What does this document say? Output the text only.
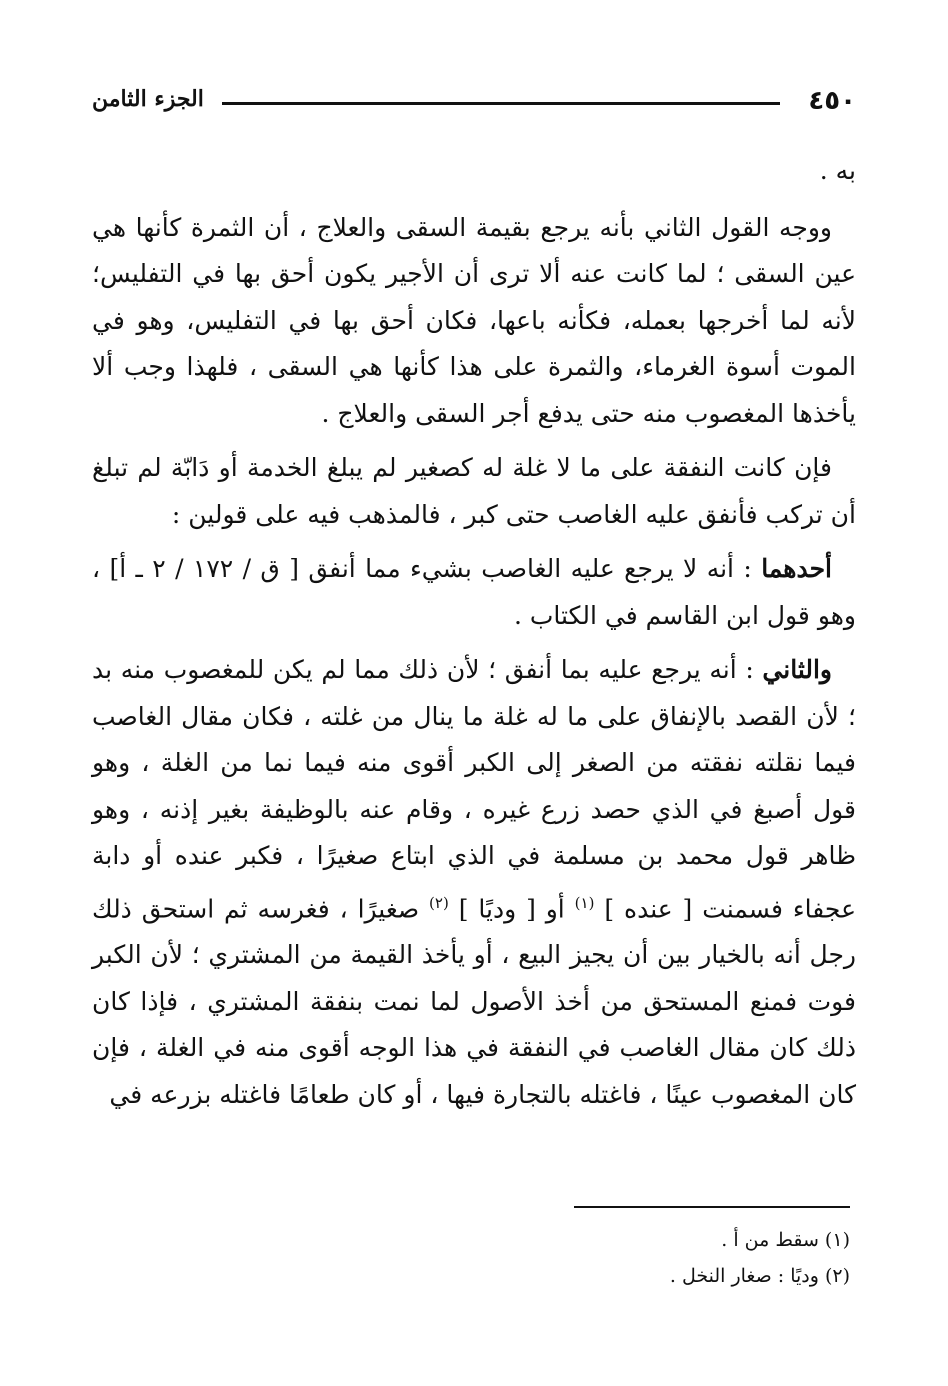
٤٥٠
الجزء الثامن

به .

ووجه القول الثاني بأنه يرجع بقيمة السقى والعلاج ، أن الثمرة كأنها هي عين السقى ؛ لما كانت عنه ألا ترى أن الأجير يكون أحق بها في التفليس؛ لأنه لما أخرجها بعمله، فكأنه باعها، فكان أحق بها في التفليس، وهو في الموت أسوة الغرماء، والثمرة على هذا كأنها هي السقى ، فلهذا وجب ألا يأخذها المغصوب منه حتى يدفع أجر السقى والعلاج .

فإن كانت النفقة على ما لا غلة له كصغير لم يبلغ الخدمة أو دَابّة لم تبلغ أن تركب فأنفق عليه الغاصب حتى كبر ، فالمذهب فيه على قولين :

أحدهما : أنه لا يرجع عليه الغاصب بشيء مما أنفق [ ق / ١٧٢ / ٢ ـ أ] ، وهو قول ابن القاسم في الكتاب .

والثاني : أنه يرجع عليه بما أنفق ؛ لأن ذلك مما لم يكن للمغصوب منه بد ؛ لأن القصد بالإنفاق على ما له غلة ما ينال من غلته ، فكان مقال الغاصب فيما نقلته نفقته من الصغر إلى الكبر أقوى منه فيما نما من الغلة ، وهو قول أصبغ في الذي حصد زرع غيره ، وقام عنه بالوظيفة بغير إذنه ، وهو ظاهر قول محمد بن مسلمة في الذي ابتاع صغيرًا ، فكبر عنده أو دابة عجفاء فسمنت [ عنده ] $^{(١)}$ أو [ وديًا ] $^{(٢)}$ صغيرًا ، فغرسه ثم استحق ذلك رجل أنه بالخيار بين أن يجيز البيع ، أو يأخذ القيمة من المشتري ؛ لأن الكبر فوت فمنع المستحق من أخذ الأصول لما نمت بنفقة المشتري ، فإذا كان ذلك كان مقال الغاصب في النفقة في هذا الوجه أقوى منه في الغلة ، فإن كان المغصوب عينًا ، فاغتله بالتجارة فيها ، أو كان طعامًا فاغتله بزرعه في

(١) سقط من أ .
(٢) وديًا : صغار النخل .
